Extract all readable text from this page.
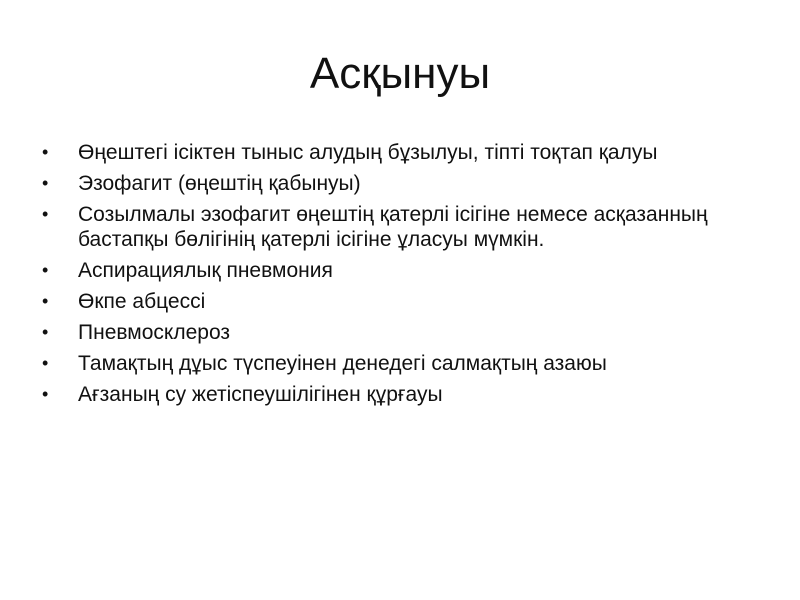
Асқынуы
• Өңештегі ісіктен тыныс алудың бұзылуы, тіпті тоқтап қалуы
• Эзофагит (өңештің қабынуы)
• Созылмалы эзофагит өңештің қатерлі ісігіне немесе асқазанның бастапқы бөлігінің қатерлі ісігіне ұласуы мүмкін.
• Аспирациялық пневмония
• Өкпе абцессі
• Пневмосклероз
• Тамақтың дұыс түспеуінен денедегі салмақтың азаюы
• Ағзаның су жетіспеушілігінен құрғауы
